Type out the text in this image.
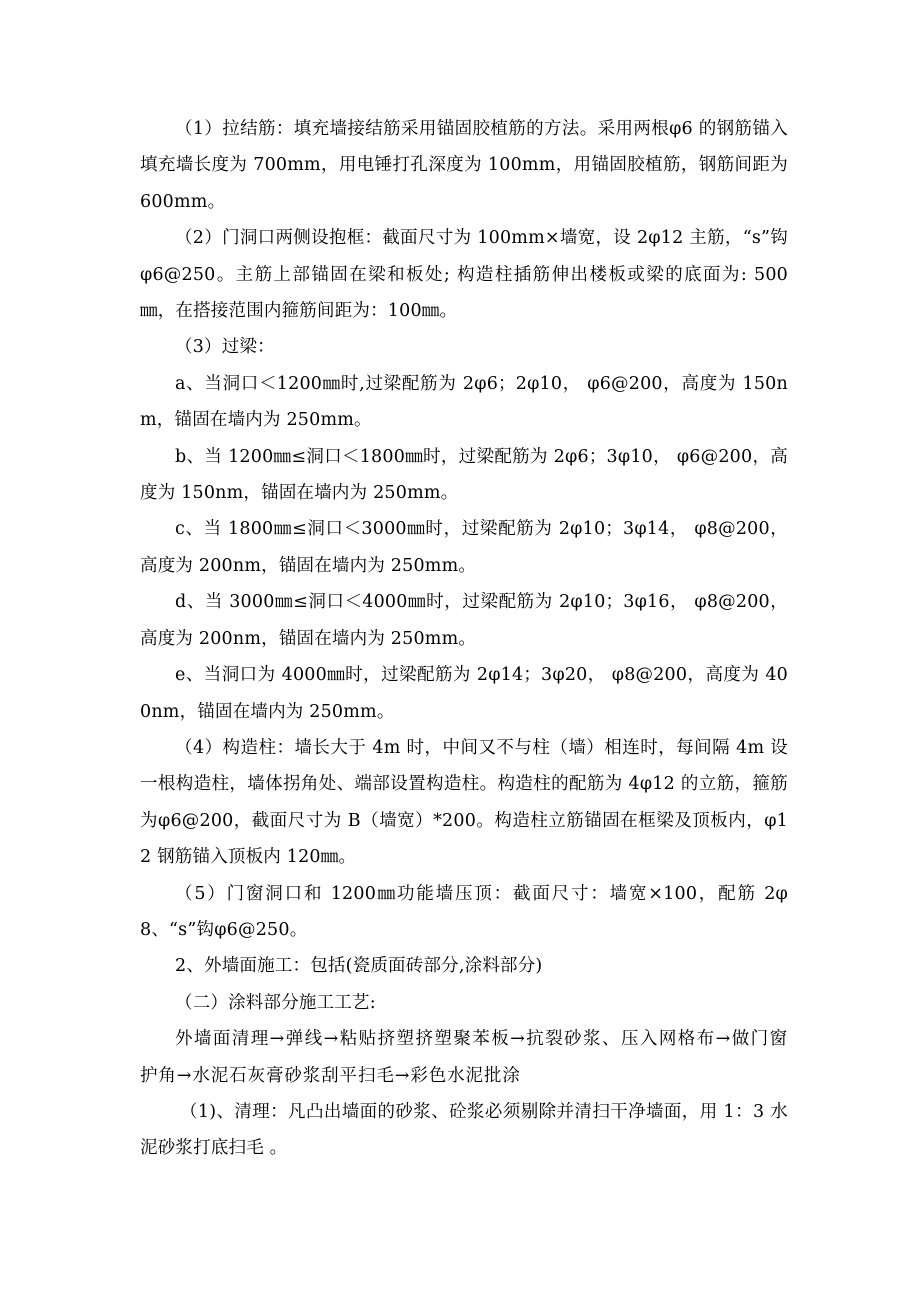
（1）拉结筋：填充墙接结筋采用锚固胶植筋的方法。采用两根φ6 的钢筋锚入填充墙长度为 700mm，用电锤打孔深度为 100mm，用锚固胶植筋，钢筋间距为 600mm。

（2）门洞口两侧设抱框：截面尺寸为 100mm×墙宽，设 2φ12 主筋，“s”钩φ6@250。主筋上部锚固在梁和板处; 构造柱插筋伸出楼板或梁的底面为: 500 ㎜，在搭接范围内箍筋间距为：100㎜。

（3）过梁：

a、当洞口＜1200㎜时,过梁配筋为 2φ6；2φ10， φ6@200，高度为 150nm，锚固在墙内为 250mm。

b、当 1200㎜≤洞口＜1800㎜时，过梁配筋为 2φ6；3φ10， φ6@200，高度为 150nm，锚固在墙内为 250mm。

c、当 1800㎜≤洞口＜3000㎜时，过梁配筋为 2φ10；3φ14， φ8@200，高度为 200nm，锚固在墙内为 250mm。

d、当 3000㎜≤洞口＜4000㎜时，过梁配筋为 2φ10；3φ16， φ8@200，高度为 200nm，锚固在墙内为 250mm。

e、当洞口为 4000㎜时，过梁配筋为 2φ14；3φ20， φ8@200，高度为 400nm，锚固在墙内为 250mm。

（4）构造柱：墙长大于 4m 时，中间又不与柱（墙）相连时，每间隔 4m 设一根构造柱，墙体拐角处、端部设置构造柱。构造柱的配筋为 4φ12 的立筋，箍筋为φ6@200，截面尺寸为 B（墙宽）*200。构造柱立筋锚固在框梁及顶板内，φ12 钢筋锚入顶板内 120㎜。

（5）门窗洞口和 1200㎜功能墙压顶：截面尺寸：墙宽×100，配筋 2φ8、“s”钩φ6@250。

2、外墙面施工：包括(瓷质面砖部分,涂料部分)

（二）涂料部分施工工艺:

外墙面清理→弹线→粘贴挤塑挤塑聚苯板→抗裂砂浆、压入网格布→做门窗护角→水泥石灰膏砂浆刮平扫毛→彩色水泥批涂

（1)、清理：凡凸出墙面的砂浆、砼浆必须剔除并清扫干净墙面，用 1：3 水泥砂浆打底扫毛 。
